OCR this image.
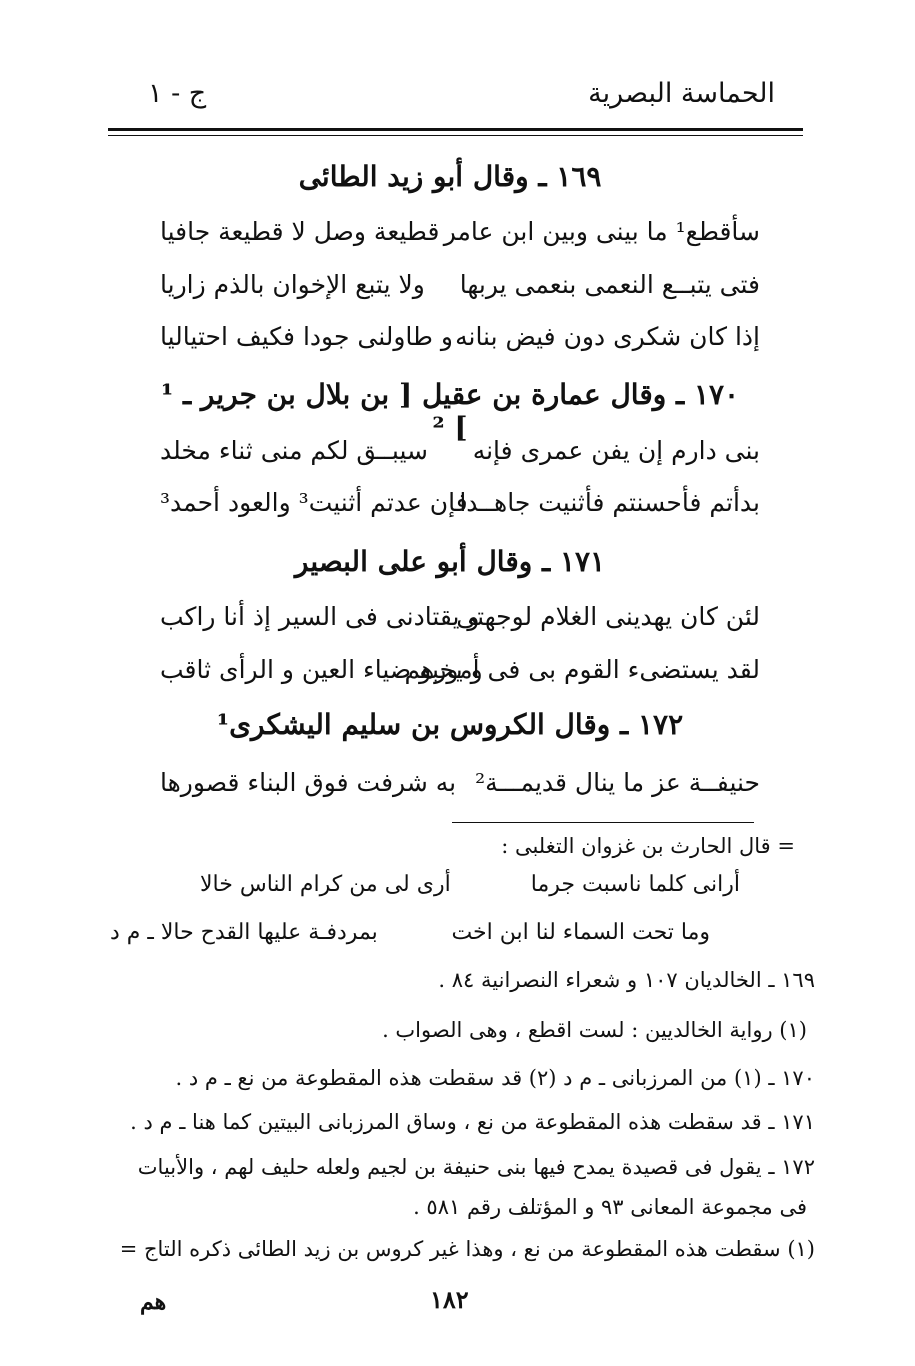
الحماسة البصرية
ج - ١
١٦٩ ـ وقال أبو زيد الطائى
سأقطع¹ ما بينى وبين ابن عامر
قطيعة وصل لا قطيعة جافيا
فتى يتبــع النعمى بنعمى يربها
ولا يتبع الإخوان بالذم زاريا
إذا كان شكرى دون فيض بنانه
و طاولنى جودا فكيف احتياليا
١٧٠ ـ وقال عمارة بن عقيل [ بن بلال بن جرير ـ ¹ ] ²
بنى دارم إن يفن عمرى فإنه
سيبــق لكم منى ثناء مخلد
بدأتم فأحسنتم فأثنيت جاهــدا
فإن عدتم أثنيت³ والعود أحمد³
١٧١ ـ وقال أبو على البصير
لئن كان يهدينى الغلام لوجهتى
و يقتادنى فى السير إذ أنا راكب
لقد يستضىء القوم بى فى أمورهم
و يخبو ضياء العين و الرأى ثاقب
١٧٢ ـ وقال الكروس بن سليم اليشكرى¹
حنيفــة عز ما ينال قديمـــة²
به شرفت فوق البناء قصورها
= قال الحارث بن غزوان التغلبى :
أرانى كلما ناسبت جرما
أرى لى من كرام الناس خالا
وما تحت السماء لنا ابن اخت
بمردفـة عليها القدح حالا ـ م د
١٦٩ ـ الخالديان ١٠٧ و شعراء النصرانية ٨٤ .
(١) رواية الخالديين : لست اقطع ، وهى الصواب .
١٧٠ ـ (١) من المرزبانى ـ م د (٢) قد سقطت هذه المقطوعة من نع ـ م د .
١٧١ ـ قد سقطت هذه المقطوعة من نع ، وساق المرزبانى البيتين كما هنا ـ م د .
١٧٢ ـ يقول فى قصيدة يمدح فيها بنى حنيفة بن لجيم ولعله حليف لهم ، والأبيات
فى مجموعة المعانى ٩٣ و المؤتلف رقم ٥٨١ .
(١) سقطت هذه المقطوعة من نع ، وهذا غير كروس بن زيد الطائى ذكره التاج =
١٨٢
هم
